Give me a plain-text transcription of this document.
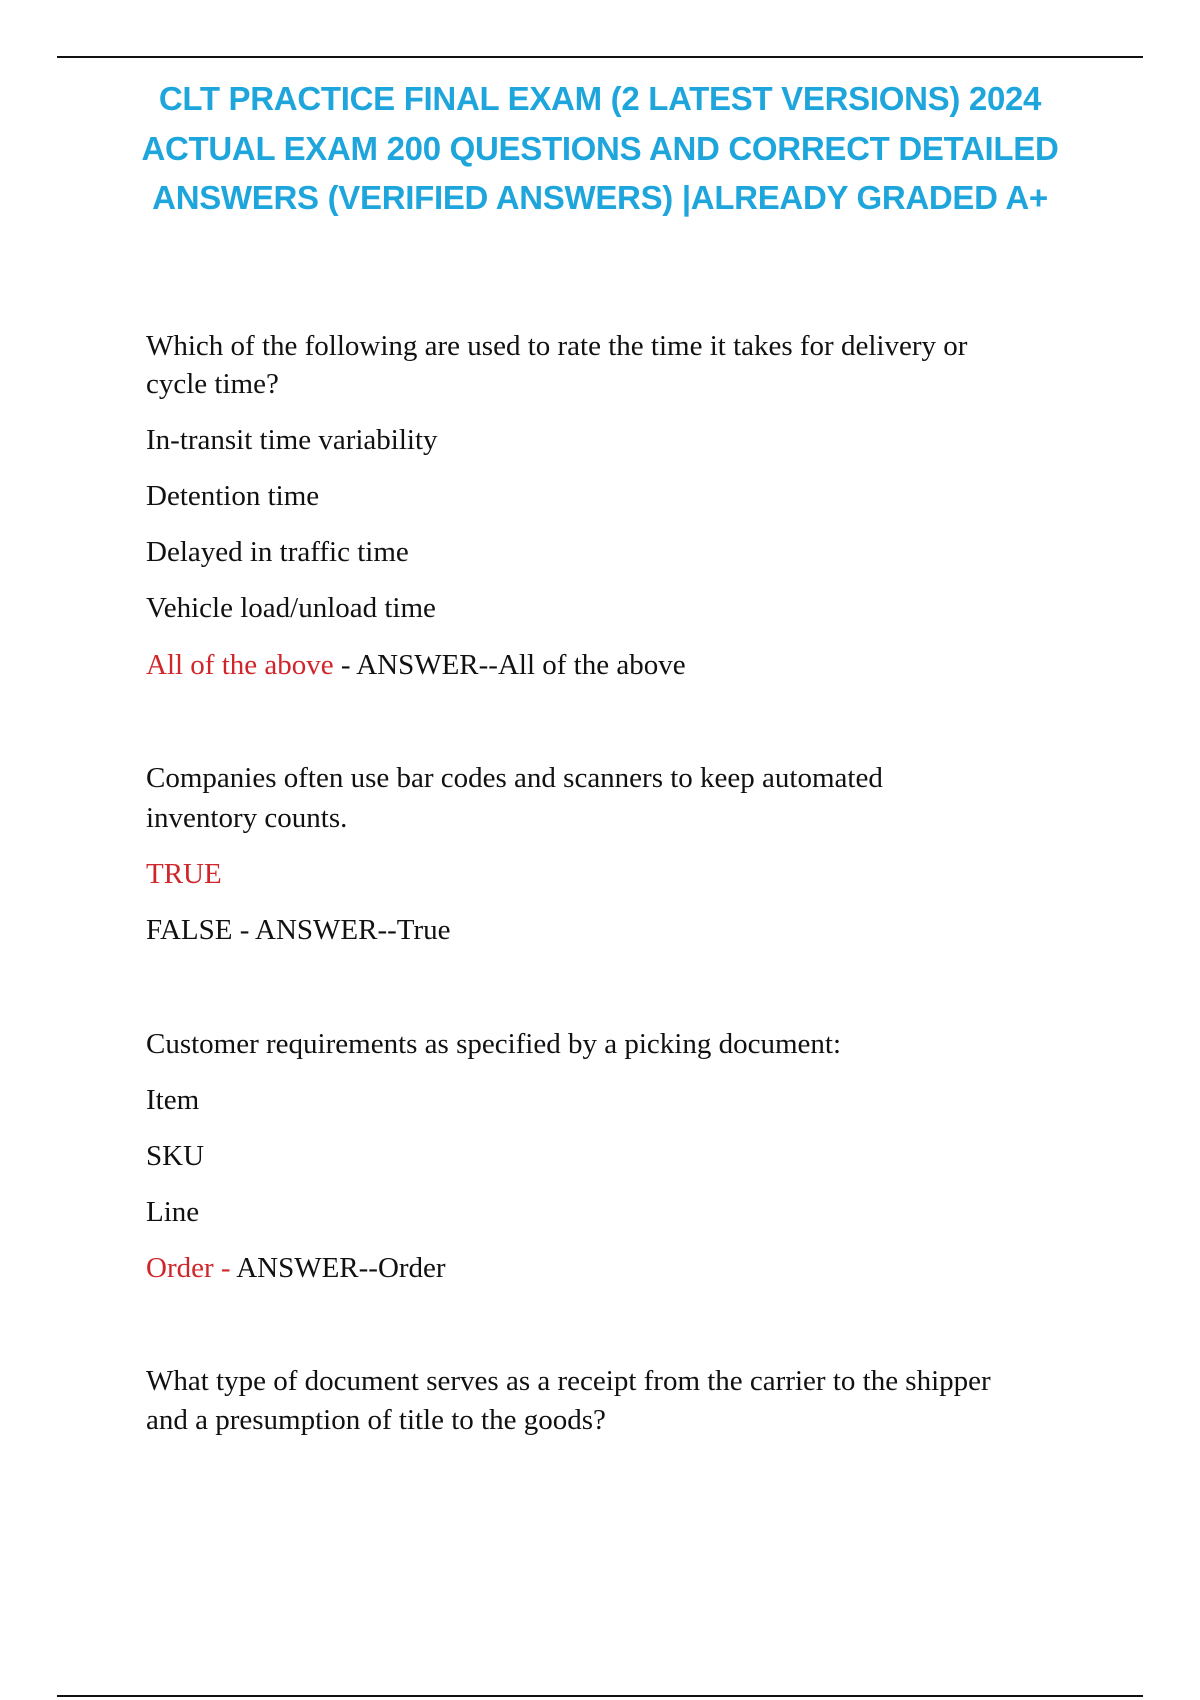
CLT PRACTICE FINAL EXAM (2 LATEST VERSIONS) 2024
ACTUAL EXAM 200 QUESTIONS AND CORRECT DETAILED
ANSWERS (VERIFIED ANSWERS) |ALREADY GRADED A+
Which of the following are used to rate the time it takes for delivery or
cycle time?
In-transit time variability
Detention time
Delayed in traffic time
Vehicle load/unload time
All of the above - ANSWER--All of the above
Companies often use bar codes and scanners to keep automated
inventory counts.
TRUE
FALSE - ANSWER--True
Customer requirements as specified by a picking document:
Item
SKU
Line
Order - ANSWER--Order
What type of document serves as a receipt from the carrier to the shipper
and a presumption of title to the goods?
